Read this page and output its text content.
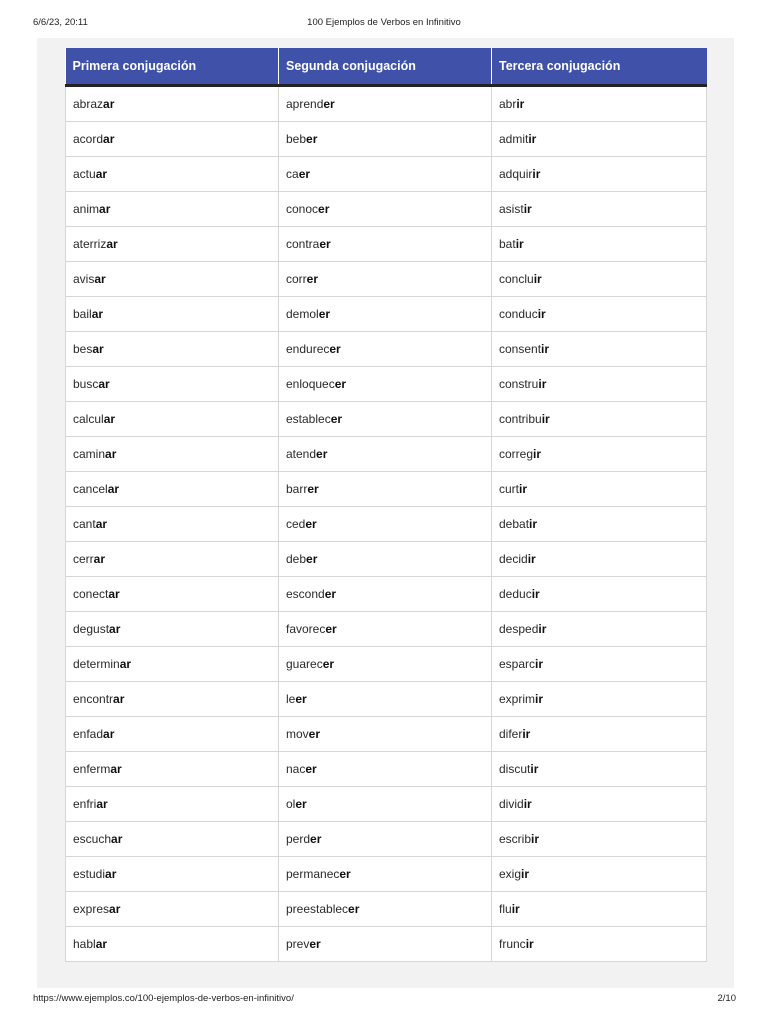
6/6/23, 20:11	100 Ejemplos de Verbos en Infinitivo
Primera conjugación	Segunda conjugación	Tercera conjugación
abrazar	aprender	abrir
acordar	beber	admitir
actuar	caer	adquirir
animar	conocer	asistir
aterrizar	contraer	batir
avisar	correr	concluir
bailar	demoler	conducir
besar	endurecer	consentir
buscar	enloquecer	construir
calcular	establecer	contribuir
caminar	atender	corregir
cancelar	barrer	curtir
cantar	ceder	debatir
cerrar	deber	decidir
conectar	esconder	deducir
degustar	favorecer	despedir
determinar	guarecer	esparcir
encontrar	leer	exprimir
enfadar	mover	diferir
enfermar	nacer	discutir
enfriar	oler	dividir
escuchar	perder	escribir
estudiar	permanecer	exigir
expresar	preestablecer	fluir
hablar	prever	fruncir
https://www.ejemplos.co/100-ejemplos-de-verbos-en-infinitivo/	2/10
